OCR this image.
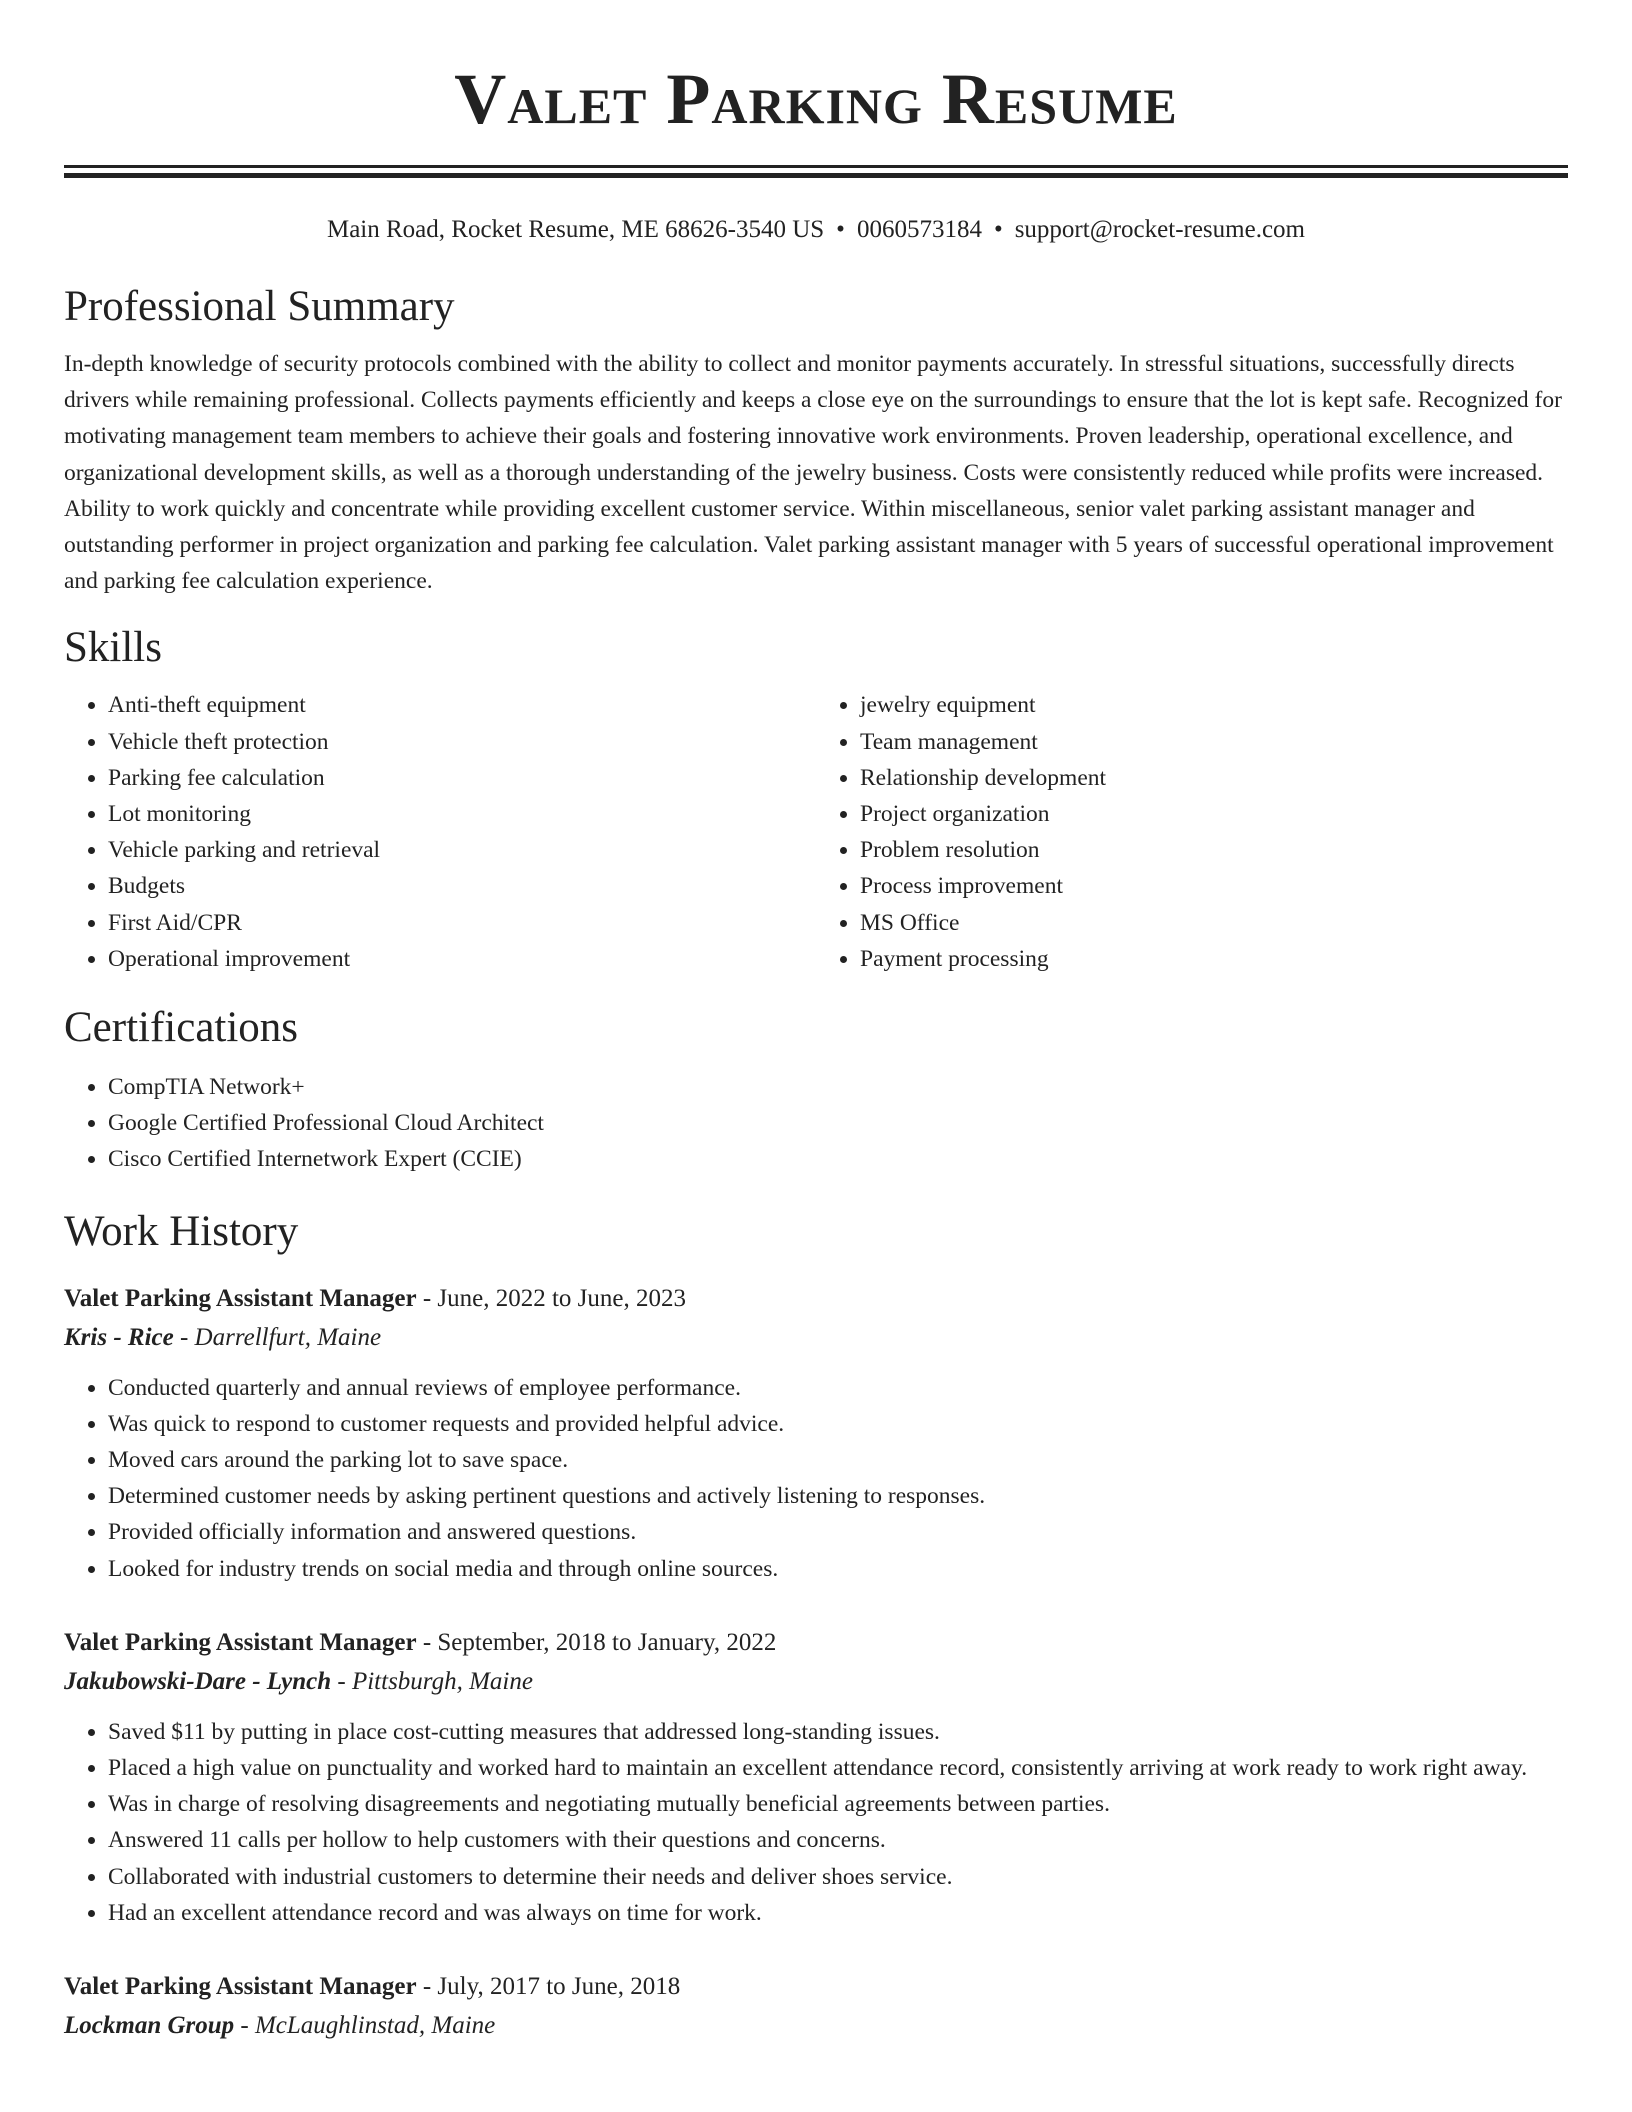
Valet Parking Resume
Main Road, Rocket Resume, ME 68626-3540 US • 0060573184 • support@rocket-resume.com
Professional Summary

In-depth knowledge of security protocols combined with the ability to collect and monitor payments accurately. In stressful situations, successfully directs drivers while remaining professional. Collects payments efficiently and keeps a close eye on the surroundings to ensure that the lot is kept safe. Recognized for motivating management team members to achieve their goals and fostering innovative work environments. Proven leadership, operational excellence, and organizational development skills, as well as a thorough understanding of the jewelry business. Costs were consistently reduced while profits were increased. Ability to work quickly and concentrate while providing excellent customer service. Within miscellaneous, senior valet parking assistant manager and outstanding performer in project organization and parking fee calculation. Valet parking assistant manager with 5 years of successful operational improvement and parking fee calculation experience.

Skills
• Anti-theft equipment
• Vehicle theft protection
• Parking fee calculation
• Lot monitoring
• Vehicle parking and retrieval
• Budgets
• First Aid/CPR
• Operational improvement
• jewelry equipment
• Team management
• Relationship development
• Project organization
• Problem resolution
• Process improvement
• MS Office
• Payment processing
Certifications
• CompTIA Network+
• Google Certified Professional Cloud Architect
• Cisco Certified Internetwork Expert (CCIE)
Work History
Valet Parking Assistant Manager - June, 2022 to June, 2023
Kris - Rice - Darrellfurt, Maine
• Conducted quarterly and annual reviews of employee performance.
• Was quick to respond to customer requests and provided helpful advice.
• Moved cars around the parking lot to save space.
• Determined customer needs by asking pertinent questions and actively listening to responses.
• Provided officially information and answered questions.
• Looked for industry trends on social media and through online sources.
Valet Parking Assistant Manager - September, 2018 to January, 2022
Jakubowski-Dare - Lynch - Pittsburgh, Maine
• Saved $11 by putting in place cost-cutting measures that addressed long-standing issues.
• Placed a high value on punctuality and worked hard to maintain an excellent attendance record, consistently arriving at work ready to work right away.
• Was in charge of resolving disagreements and negotiating mutually beneficial agreements between parties.
• Answered 11 calls per hollow to help customers with their questions and concerns.
• Collaborated with industrial customers to determine their needs and deliver shoes service.
• Had an excellent attendance record and was always on time for work.
Valet Parking Assistant Manager - July, 2017 to June, 2018
Lockman Group - McLaughlinstad, Maine
